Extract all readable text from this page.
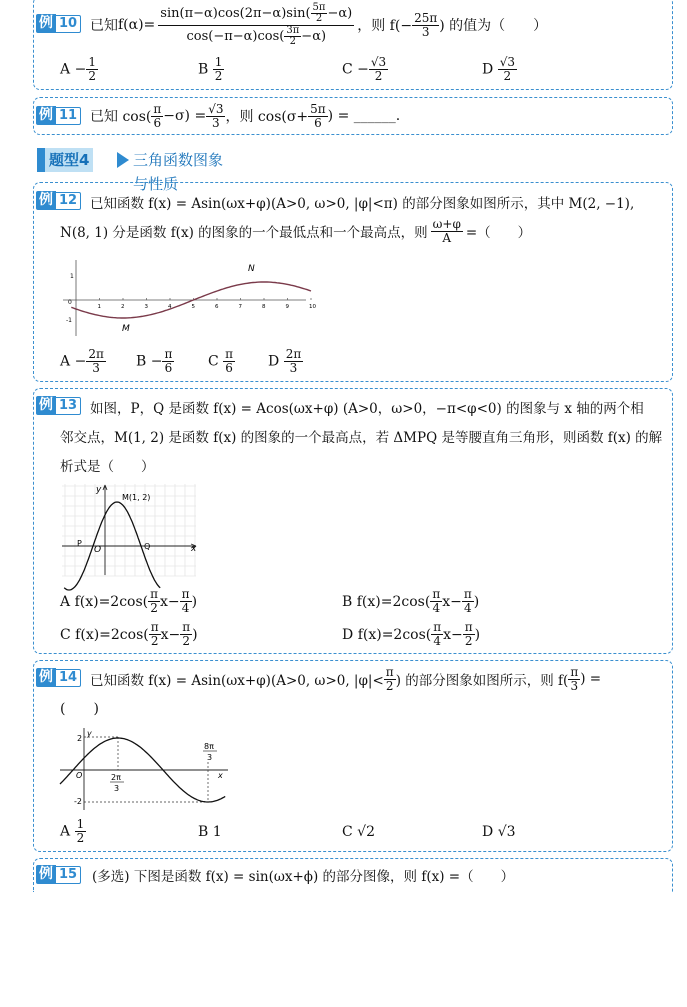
例 10 已知 $f(\alpha)= \frac{\sin(\pi-\alpha)\cos(2\pi-\alpha)\sin( \frac{5\pi}{2} -\alpha)}{\cos(-\pi-\alpha)\cos( \frac{3\pi}{2} -\alpha)}$ ，则 $f(- \frac{25\pi}{3}$ ) 的值为（　　）
$A - \frac{1}{2}$	B $\frac{1}{2}$	$C - \frac{√3}{2}$	D $\frac{√3}{2}$
例 11 已知 $\cos( \frac{\pi}{6} -\sigma) = \frac{√3}{3}$ ，则 $\cos(\sigma+ \frac{5\pi}{6}$ ) = ______.
题型4	三角函数图象与性质
例 12 已知函数 f(x) = Asin(ωx+φ)(A>0, ω>0, |φ|<π) 的部分图象如图所示，其中 M(2, −1),
N(8, 1) 分是函数 f(x) 的图象的一个最低点和一个最高点，则 $\frac{\omega+\varphi}{A}$ =（　　）
1
0
-1
1	2	3	4	5	6	7	8	9	10
N
M
$A - \frac{2\pi}{3}$ $B - \frac{\pi}{6}$ C $\frac{\pi}{6}$ D $\frac{2\pi}{3}$
例 13 如图，P，Q 是函数 f(x) = Acos(ωx+φ) (A>0，ω>0，−π<φ<0) 的图象与 x 轴的两个相
邻交点，M(1, 2) 是函数 f(x) 的图象的一个最高点，若 ΔMPQ 是等腰直角三角形，则函数 f(x) 的解
析式是（　　）
y
M(1, 2)
P
O	Q	x
A
$f(x)=2\cos( \frac{\pi}{2} x- \frac{\pi}{4}$ )	B
$f(x)=2\cos( \frac{\pi}{4} x- \frac{\pi}{4}$ )
C
$f(x)=2\cos( \frac{\pi}{2} x- \frac{\pi}{2}$ )	D
$f(x)=2\cos( \frac{\pi}{4} x- \frac{\pi}{2}$ )
例 14 已知函数 f(x) = Asin(ωx+φ)(A>0, ω>0, $|\varphi|< \frac{\pi}{2}$ ) 的部分图象如图所示，则 $f( \frac{\pi}{3}$ ) =
(　　)
y
2
O
-2
x
2π
3
8π
3
A $\frac{1}{2}$	B 1	C √2	D √3
例 15 (多选) 下图是函数 f(x) = sin(ωx+ϕ) 的部分图像，则 f(x) =（　　）
